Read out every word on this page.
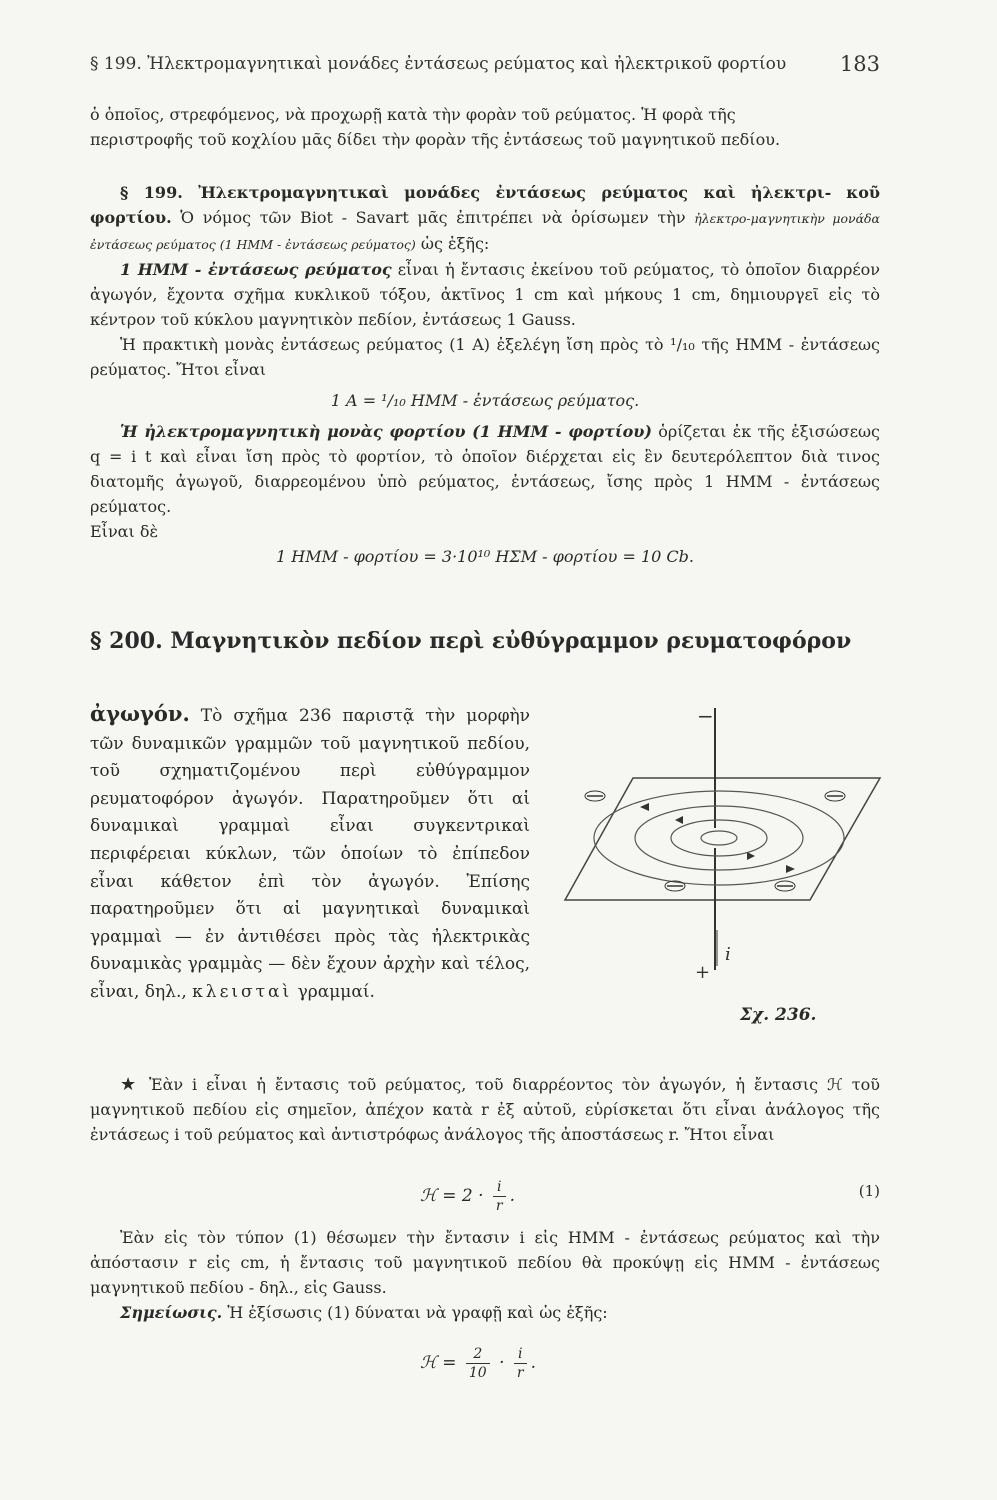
§ 199. Ἠλεκτρομαγνητικαὶ μονάδες ἐντάσεως ρεύματος καὶ ἠλεκτρικοῦ φορτίου	183

ὁ ὁποῖος, στρεφόμενος, νὰ προχωρῇ κατὰ τὴν φορὰν τοῦ ρεύματος. Ἡ φορὰ τῆς

περιστροφῆς τοῦ κοχλίου μᾶς δίδει τὴν φορὰν τῆς ἐντάσεως τοῦ μαγνητικοῦ πεδίου.

§ 199. Ἠλεκτρομαγνητικαὶ μονάδες ἐντάσεως ρεύματος καὶ ἠλεκτρι- κοῦ φορτίου. Ὁ νόμος τῶν Biot - Savart μᾶς ἐπιτρέπει νὰ ὁρίσωμεν τὴν ἠλεκτρο-μαγνητικὴν μονάδα ἐντάσεως ρεύματος (1 ΗΜΜ - ἐντάσεως ρεύματος) ὡς ἑξῆς:

1 ΗΜΜ - ἐντάσεως ρεύματος εἶναι ἡ ἔντασις ἐκείνου τοῦ ρεύματος, τὸ ὁποῖον διαρρέον ἀγωγόν, ἔχοντα σχῆμα κυκλικοῦ τόξου, ἀκτῖνος 1 cm καὶ μήκους 1 cm, δημιουργεῖ εἰς τὸ κέντρον τοῦ κύκλου μαγνητικὸν πεδίον, ἐντάσεως 1 Gauss.

Ἡ πρακτικὴ μονὰς ἐντάσεως ρεύματος (1 Α) ἐξελέγη ἴση πρὸς τὸ ¹/₁₀ τῆς ΗΜΜ - ἐντάσεως ρεύματος. Ἤτοι εἶναι

1 Α = ¹/₁₀ ΗΜΜ - ἐντάσεως ρεύματος.

Ἡ ἠλεκτρομαγνητικὴ μονὰς φορτίου (1 ΗΜΜ - φορτίου) ὁρίζεται ἐκ τῆς ἐξισώσεως q = i t καὶ εἶναι ἴση πρὸς τὸ φορτίον, τὸ ὁποῖον διέρχεται εἰς ἓν δευτερόλεπτον διὰ τινος διατομῆς ἀγωγοῦ, διαρρεομένου ὑπὸ ρεύματος, ἐντάσεως, ἴσης πρὸς 1 ΗΜΜ - ἐντάσεως ρεύματος.

Εἶναι δὲ

1 ΗΜΜ - φορτίου = 3·10¹⁰ ΗΣΜ - φορτίου = 10 Cb.

§ 200. Μαγνητικὸν πεδίον περὶ εὐθύγραμμον ρευματοφόρον
ἀγωγόν. Τὸ σχῆμα 236 παριστᾷ τὴν μορφὴν τῶν δυναμικῶν γραμμῶν τοῦ μαγνητικοῦ πεδίου, τοῦ σχηματιζομένου περὶ εὐθύγραμμον ρευματοφόρον ἀγωγόν. Παρατηροῦμεν ὅτι αἱ δυναμικαὶ γραμμαὶ εἶναι συγκεντρικαὶ περιφέρειαι κύκλων, τῶν ὁποίων τὸ ἐπίπεδον εἶναι κάθετον ἐπὶ τὸν ἀγωγόν. Ἐπίσης παρατηροῦμεν ὅτι αἱ μαγνητικαὶ δυναμικαὶ γραμμαὶ — ἐν ἀντιθέσει πρὸς τὰς ἠλεκτρικὰς δυναμικὰς γραμμὰς — δὲν ἔχουν ἀρχὴν καὶ τέλος, εἶναι, δηλ., κλεισταὶ γραμμαί.
−
+
i
Σχ. 236.

★ Ἐὰν i εἶναι ἡ ἔντασις τοῦ ρεύματος, τοῦ διαρρέοντος τὸν ἀγωγόν, ἡ ἔντασις ℋ τοῦ μαγνητικοῦ πεδίου εἰς σημεῖον, ἀπέχον κατὰ r ἐξ αὐτοῦ, εὑρίσκεται ὅτι εἶναι ἀνάλογος τῆς ἐντάσεως i τοῦ ρεύματος καὶ ἀντιστρόφως ἀνάλογος τῆς ἀποστάσεως r. Ἤτοι εἶναι

ℋ = $2 \cdot \frac{i}{r}$ .	(1)

Ἐὰν εἰς τὸν τύπον (1) θέσωμεν τὴν ἔντασιν i εἰς ΗΜΜ - ἐντάσεως ρεύματος καὶ τὴν ἀπόστασιν r εἰς cm, ἡ ἔντασις τοῦ μαγνητικοῦ πεδίου θὰ προκύψῃ εἰς ΗΜΜ - ἐντάσεως μαγνητικοῦ πεδίου - δηλ., εἰς Gauss.

Σημείωσις. Ἡ ἐξίσωσις (1) δύναται νὰ γραφῇ καὶ ὡς ἑξῆς:

ℋ = $\frac{2}{10} \cdot \frac{i}{r}$ .
